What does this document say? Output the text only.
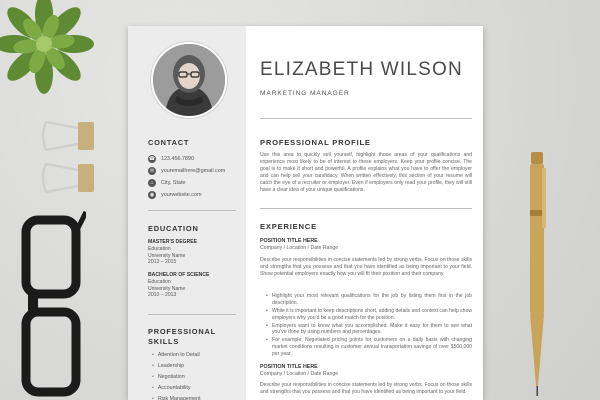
CONTACT
☎ 123.456.7890
✉	youremailhere@gmail.com
⌂	City, State
◉	yourwebsite.com
EDUCATION
MASTER'S DEGREE
Education
University Name
2013 – 2015
BACHELOR OF SCIENCE
Education
University Name
2010 – 2013
PROFESSIONAL
SKILLS
• Attention to Detail
• Leadership
• Negotiation
• Accountability
• Risk Management
ELIZABETH WILSON
MARKETING MANAGER
PROFESSIONAL PROFILE
Use this area to quickly sell yourself, highlight those areas of your qualifications and experience most likely to be of interest to these employers. Keep your profile concise. The goal is to make it short and powerful. A profile explains what you have to offer the employer and can help sell your candidacy. When written effectively, this section of your resume will catch the eye of a recruiter or employer. Even if employers only read your profile, they will still have a clear idea of your unique qualifications.
EXPERIENCE
POSITION TITLE HERE
Company / Location / Date Range
Describe your responsibilities in concise statements led by strong verbs. Focus on those skills and strengths that you possess and that you have identified as being important to your field. Show potential employers exactly how you will fit their position and their company.
• Highlight your most relevant qualifications for the job by listing them first in the job description.
• While it is important to keep descriptions short, adding details and context can help show employers why you'd be a good match for the position.
• Employers want to know what you accomplished. Make it easy for them to see what you've done by using numbers and percentages.
• For example; Negotiated pricing points for customers on a daily basis with changing market conditions resulting in customer annual transportation savings of over $500,000 per year.
POSITION TITLE HERE
Company / Location / Date Range
Describe your responsibilities in concise statements led by strong verbs. Focus on those skills and strengths that you possess and that you have identified as being important to your field.
